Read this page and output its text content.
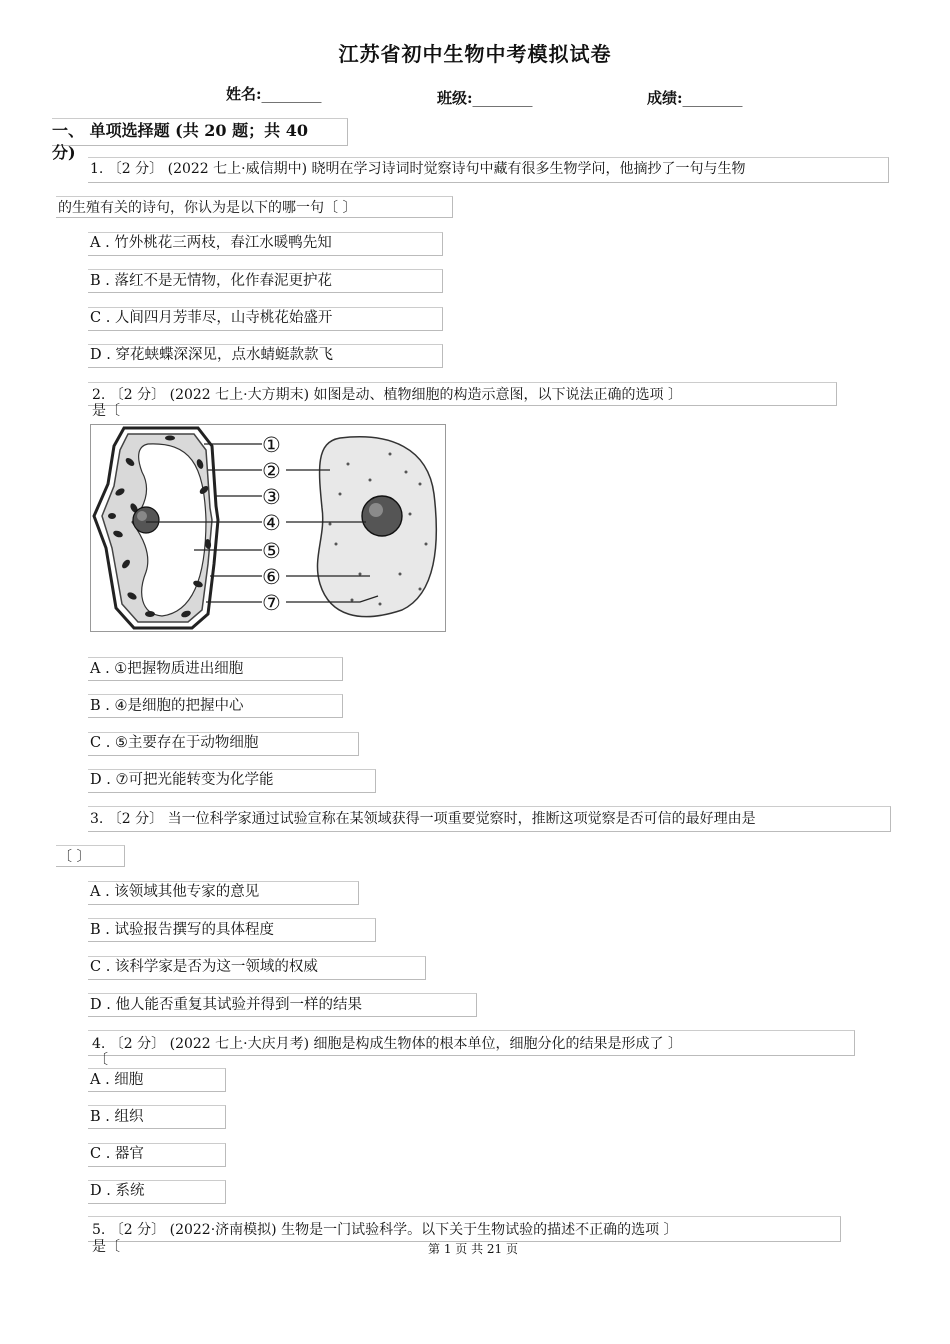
江苏省初中生物中考模拟试卷
姓名:________	班级:________	成绩:________
一、 单项选择题 (共 20 题；共 40
分)
1. 〔2 分〕 (2022 七上·威信期中) 晓明在学习诗词时觉察诗句中藏有很多生物学问，他摘抄了一句与生物
的生殖有关的诗句，你认为是以下的哪一句〔 〕
A . 竹外桃花三两枝，春江水暖鸭先知
B . 落红不是无情物，化作春泥更护花
C . 人间四月芳菲尽，山寺桃花始盛开
D . 穿花蛱蝶深深见，点水蜻蜓款款飞
2. 〔2 分〕 (2022 七上·大方期末) 如图是动、植物细胞的构造示意图，以下说法正确的选项 〕
是〔
①
②
③
④
⑤
⑥
⑦
A . ①把握物质进出细胞
B . ④是细胞的把握中心
C . ⑤主要存在于动物细胞
D . ⑦可把光能转变为化学能
3. 〔2 分〕 当一位科学家通过试验宣称在某领域获得一项重要觉察时，推断这项觉察是否可信的最好理由是
〔 〕
A . 该领域其他专家的意见
B . 试验报告撰写的具体程度
C . 该科学家是否为这一领域的权威
D . 他人能否重复其试验并得到一样的结果
4. 〔2 分〕 (2022 七上·大庆月考) 细胞是构成生物体的根本单位，细胞分化的结果是形成了 〕
〔
A . 细胞
B . 组织
C . 器官
D . 系统
5. 〔2 分〕 (2022·济南模拟) 生物是一门试验科学。以下关于生物试验的描述不正确的选项 〕
是〔	第 1 页 共 21 页
